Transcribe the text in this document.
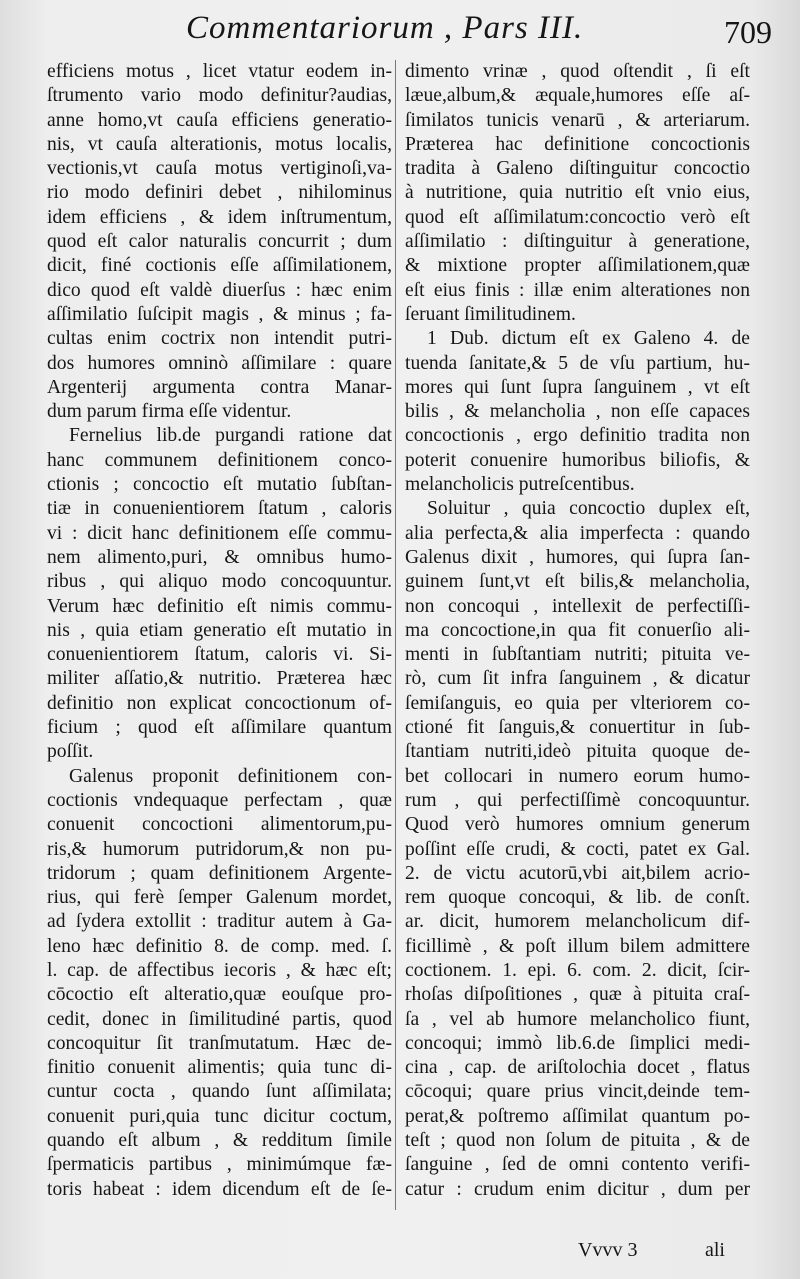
Commentariorum , Pars III.	709
efficiens motus , licet vtatur eodem in-
ſtrumento vario modo definitur?audias,
anne homo,vt cauſa efficiens generatio-
nis, vt cauſa alterationis, motus localis,
vectionis,vt cauſa motus vertiginoſi,va-
rio modo definiri debet , nihilominus
idem efficiens , & idem inſtrumentum,
quod eſt calor naturalis concurrit ; dum
dicit, finé coctionis eſſe aſſimilationem,
dico quod eſt valdè diuerſus : hæc enim
aſſimilatio ſuſcipit magis , & minus ; fa-
cultas enim coctrix non intendit putri-
dos humores omninò aſſimilare : quare
Argenterij argumenta contra Manar-
dum parum firma eſſe videntur.
Fernelius lib.de purgandi ratione dat
hanc communem definitionem conco-
ctionis ; concoctio eſt mutatio ſubſtan-
tiæ in conuenientiorem ſtatum , caloris
vi : dicit hanc definitionem eſſe commu-
nem alimento,puri, & omnibus humo-
ribus , qui aliquo modo concoquuntur.
Verum hæc definitio eſt nimis commu-
nis , quia etiam generatio eſt mutatio in
conuenientiorem ſtatum, caloris vi. Si-
militer aſſatio,& nutritio. Præterea hæc
definitio non explicat concoctionum of-
ficium ; quod eſt aſſimilare quantum
poſſit.
Galenus proponit definitionem con-
coctionis vndequaque perfectam , quæ
conuenit concoctioni alimentorum,pu-
ris,& humorum putridorum,& non pu-
tridorum ; quam definitionem Argente-
rius, qui ferè ſemper Galenum mordet,
ad ſydera extollit : traditur autem à Ga-
leno hæc definitio 8. de comp. med. ſ.
l. cap. de affectibus iecoris , & hæc eſt;
cōcoctio eſt alteratio,quæ eouſque pro-
cedit, donec in ſimilitudiné partis, quod
concoquitur ſit tranſmutatum. Hæc de-
finitio conuenit alimentis; quia tunc di-
cuntur cocta , quando ſunt aſſimilata;
conuenit puri,quia tunc dicitur coctum,
quando eſt album , & redditum ſimile
ſpermaticis partibus , minimúmque fæ-
toris habeat : idem dicendum eſt de ſe-
dimento vrinæ , quod oſtendit , ſi eſt
læue,album,& æquale,humores eſſe aſ-
ſimilatos tunicis venarū , & arteriarum.
Præterea hac definitione concoctionis
tradita à Galeno diſtinguitur concoctio
à nutritione, quia nutritio eſt vnio eius,
quod eſt aſſimilatum:concoctio verò eſt
aſſimilatio : diſtinguitur à generatione,
& mixtione propter aſſimilationem,quæ
eſt eius finis : illæ enim alterationes non
ſeruant ſimilitudinem.
1 Dub. dictum eſt ex Galeno 4. de
tuenda ſanitate,& 5 de vſu partium, hu-
mores qui ſunt ſupra ſanguinem , vt eſt
bilis , & melancholia , non eſſe capaces
concoctionis , ergo definitio tradita non
poterit conuenire humoribus biliofis, &
melancholicis putreſcentibus.
Soluitur , quia concoctio duplex eſt,
alia perfecta,& alia imperfecta : quando
Galenus dixit , humores, qui ſupra ſan-
guinem ſunt,vt eſt bilis,& melancholia,
non concoqui , intellexit de perfectiſſi-
ma concoctione,in qua fit conuerſio ali-
menti in ſubſtantiam nutriti; pituita ve-
rò, cum ſit infra ſanguinem , & dicatur
ſemiſanguis, eo quia per vlteriorem co-
ctioné fit ſanguis,& conuertitur in ſub-
ſtantiam nutriti,ideò pituita quoque de-
bet collocari in numero eorum humo-
rum , qui perfectiſſimè concoquuntur.
Quod verò humores omnium generum
poſſint eſſe crudi, & cocti, patet ex Gal.
2. de victu acutorū,vbi ait,bilem acrio-
rem quoque concoqui, & lib. de conſt.
ar. dicit, humorem melancholicum dif-
ficillimè , & poſt illum bilem admittere
coctionem. 1. epi. 6. com. 2. dicit, ſcir-
rhoſas diſpoſitiones , quæ à pituita craſ-
ſa , vel ab humore melancholico fiunt,
concoqui; immò lib.6.de ſimplici medi-
cina , cap. de ariſtolochia docet , flatus
cōcoqui; quare prius vincit,deinde tem-
perat,& poſtremo aſſimilat quantum po-
teſt ; quod non ſolum de pituita , & de
ſanguine , ſed de omni contento verifi-
catur : crudum enim dicitur , dum per
Vvvv 3	ali
